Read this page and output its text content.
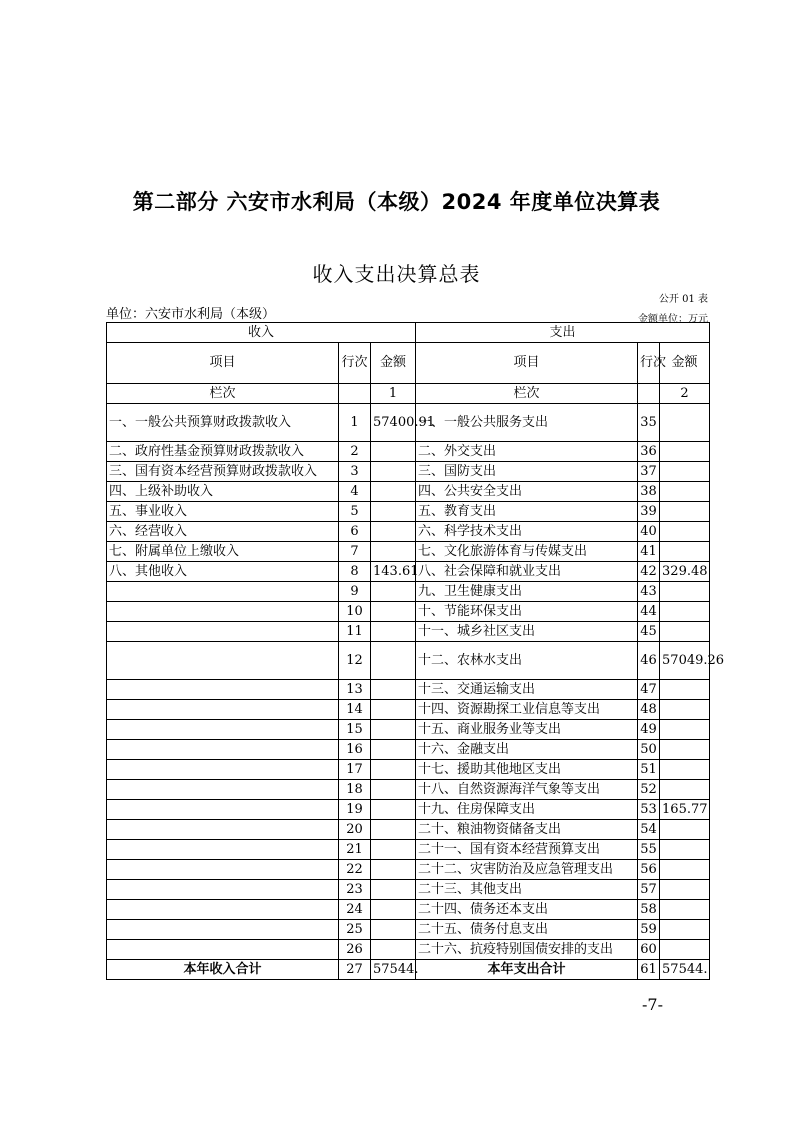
第二部分 六安市水利局（本级）2024 年度单位决算表
收入支出决算总表
公开 01 表
单位：六安市水利局（本级）	金额单位：万元
收入			支出		
项目	行次	金额	项目	行次	金额
栏次		1	栏次		2
一、一般公共预算财政拨款收入	1	57400.91	一、一般公共服务支出	35	
二、政府性基金预算财政拨款收入	2		二、外交支出	36	
三、国有资本经营预算财政拨款收入	3		三、国防支出	37	
四、上级补助收入	4		四、公共安全支出	38	
五、事业收入	5		五、教育支出	39	
六、经营收入	6		六、科学技术支出	40	
七、附属单位上缴收入	7		七、文化旅游体育与传媒支出	41	
八、其他收入	8	143.61	八、社会保障和就业支出	42	329.48
	9		九、卫生健康支出	43	
	10		十、节能环保支出	44	
	11		十一、城乡社区支出	45	
	12		十二、农林水支出	46	57049.26
	13		十三、交通运输支出	47	
	14		十四、资源勘探工业信息等支出	48	
	15		十五、商业服务业等支出	49	
	16		十六、金融支出	50	
	17		十七、援助其他地区支出	51	
	18		十八、自然资源海洋气象等支出	52	
	19		十九、住房保障支出	53	165.77
	20		二十、粮油物资储备支出	54	
	21		二十一、国有资本经营预算支出	55	
	22		二十二、灾害防治及应急管理支出	56	
	23		二十三、其他支出	57	
	24		二十四、债务还本支出	58	
	25		二十五、债务付息支出	59	
	26		二十六、抗疫特别国债安排的支出	60	
本年收入合计	27	57544.	本年支出合计	61	57544.
-7-
